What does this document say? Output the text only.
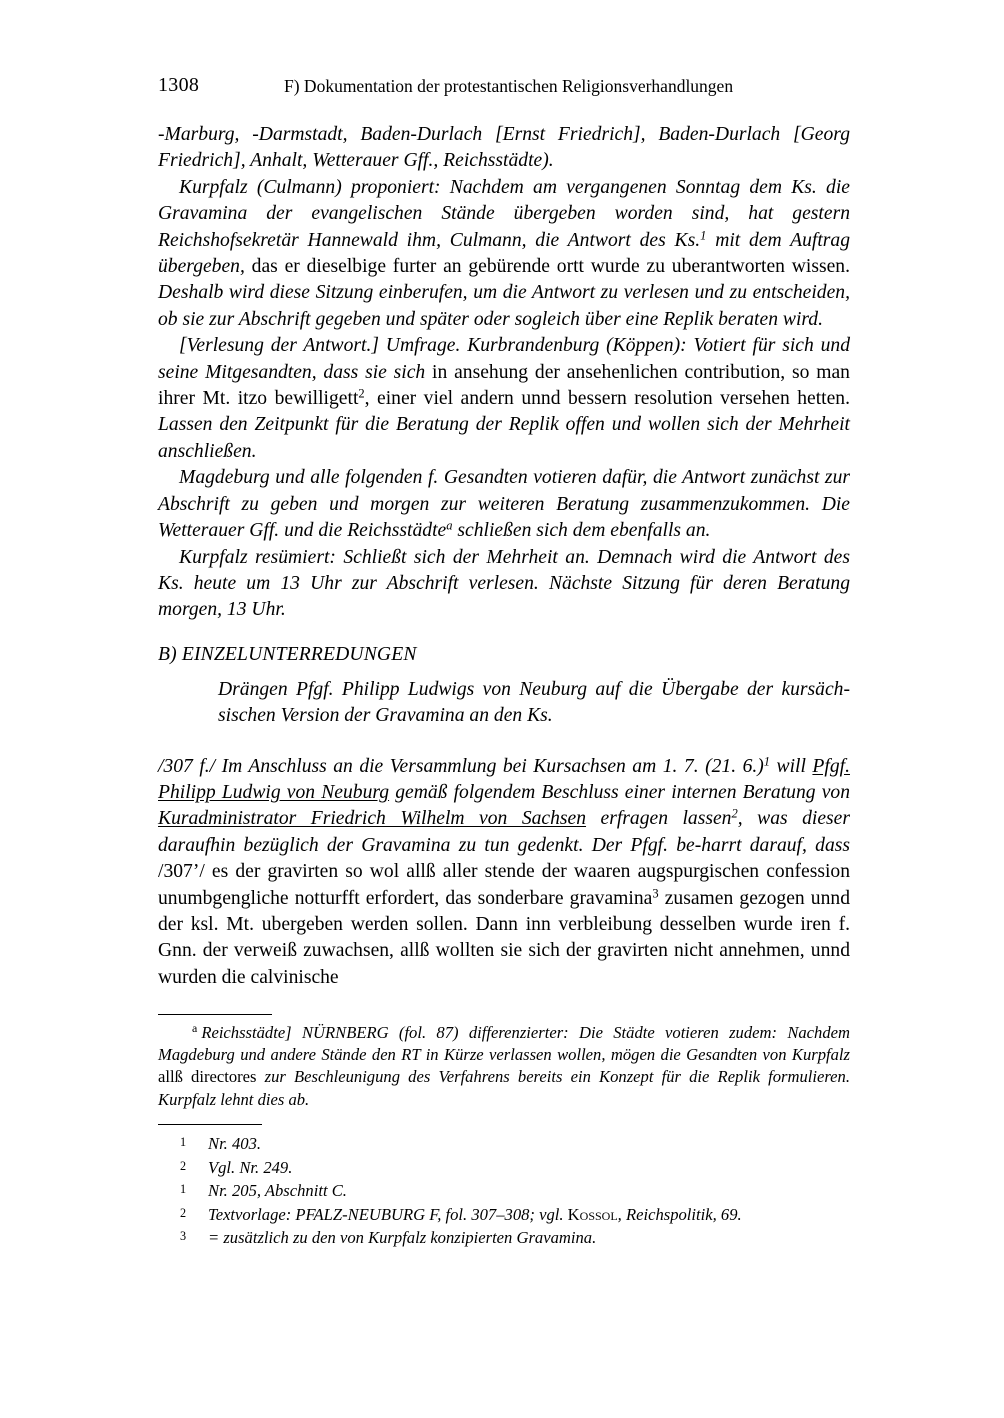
1308	F) Dokumentation der protestantischen Religionsverhandlungen

-Marburg, -Darmstadt, Baden-Durlach [Ernst Friedrich], Baden-Durlach [Georg Friedrich], Anhalt, Wetterauer Gff., Reichsstädte).

Kurpfalz (Culmann) proponiert: Nachdem am vergangenen Sonntag dem Ks. die Gravamina der evangelischen Stände übergeben worden sind, hat gestern Reichshofsekretär Hannewald ihm, Culmann, die Antwort des Ks.$^1$ mit dem Auftrag übergeben, das er dieselbige furter an gebürende ortt wurde zu uberantworten wissen. Deshalb wird diese Sitzung einberufen, um die Antwort zu verlesen und zu entscheiden, ob sie zur Abschrift gegeben und später oder sogleich über eine Replik beraten wird.

[Verlesung der Antwort.] Umfrage. Kurbrandenburg (Köppen): Votiert für sich und seine Mitgesandten, dass sie sich in ansehung der ansehenlichen contribution, so man ihrer Mt. itzo bewilligett$^2$, einer viel andern unnd bessern resolution versehen hetten. Lassen den Zeitpunkt für die Beratung der Replik offen und wollen sich der Mehrheit anschließen.

Magdeburg und alle folgenden f. Gesandten votieren dafür, die Antwort zunächst zur Abschrift zu geben und morgen zur weiteren Beratung zusammenzukommen. Die Wetterauer Gff. und die Reichsstädte$^a$ schließen sich dem ebenfalls an.

Kurpfalz resümiert: Schließt sich der Mehrheit an. Demnach wird die Antwort des Ks. heute um 13 Uhr zur Abschrift verlesen. Nächste Sitzung für deren Beratung morgen, 13 Uhr.

B) EINZELUNTERREDUNGEN

Drängen Pfgf. Philipp Ludwigs von Neuburg auf die Übergabe der kursäch-sischen Version der Gravamina an den Ks.

/307 f./ Im Anschluss an die Versammlung bei Kursachsen am 1. 7. (21. 6.)$^1$ will Pfgf. Philipp Ludwig von Neuburg gemäß folgendem Beschluss einer internen Beratung von Kuradministrator Friedrich Wilhelm von Sachsen erfragen lassen$^2$, was dieser daraufhin bezüglich der Gravamina zu tun gedenkt. Der Pfgf. be-harrt darauf, dass /307’/ es der gravirten so wol allß aller stende der waaren augspurgischen confession unumbgengliche notturfft erfordert, das sonderbare gravamina$^3$ zusamen gezogen unnd der ksl. Mt. ubergeben werden sollen. Dann inn verbleibung desselben wurde iren f. Gnn. der verweiß zuwachsen, allß wollten sie sich der gravirten nicht annehmen, unnd wurden die calvinische

$^a$ Reichsstädte] NÜRNBERG (fol. 87) differenzierter: Die Städte votieren zudem: Nachdem Magdeburg und andere Stände den RT in Kürze verlassen wollen, mögen die Gesandten von Kurpfalz allß directores zur Beschleunigung des Verfahrens bereits ein Konzept für die Replik formulieren. Kurpfalz lehnt dies ab.

1 Nr. 403.
2 Vgl. Nr. 249.
1 Nr. 205, Abschnitt C.
2 Textvorlage: PFALZ-NEUBURG F, fol. 307–308; vgl. Kossol, Reichspolitik, 69.
3 = zusätzlich zu den von Kurpfalz konzipierten Gravamina.
